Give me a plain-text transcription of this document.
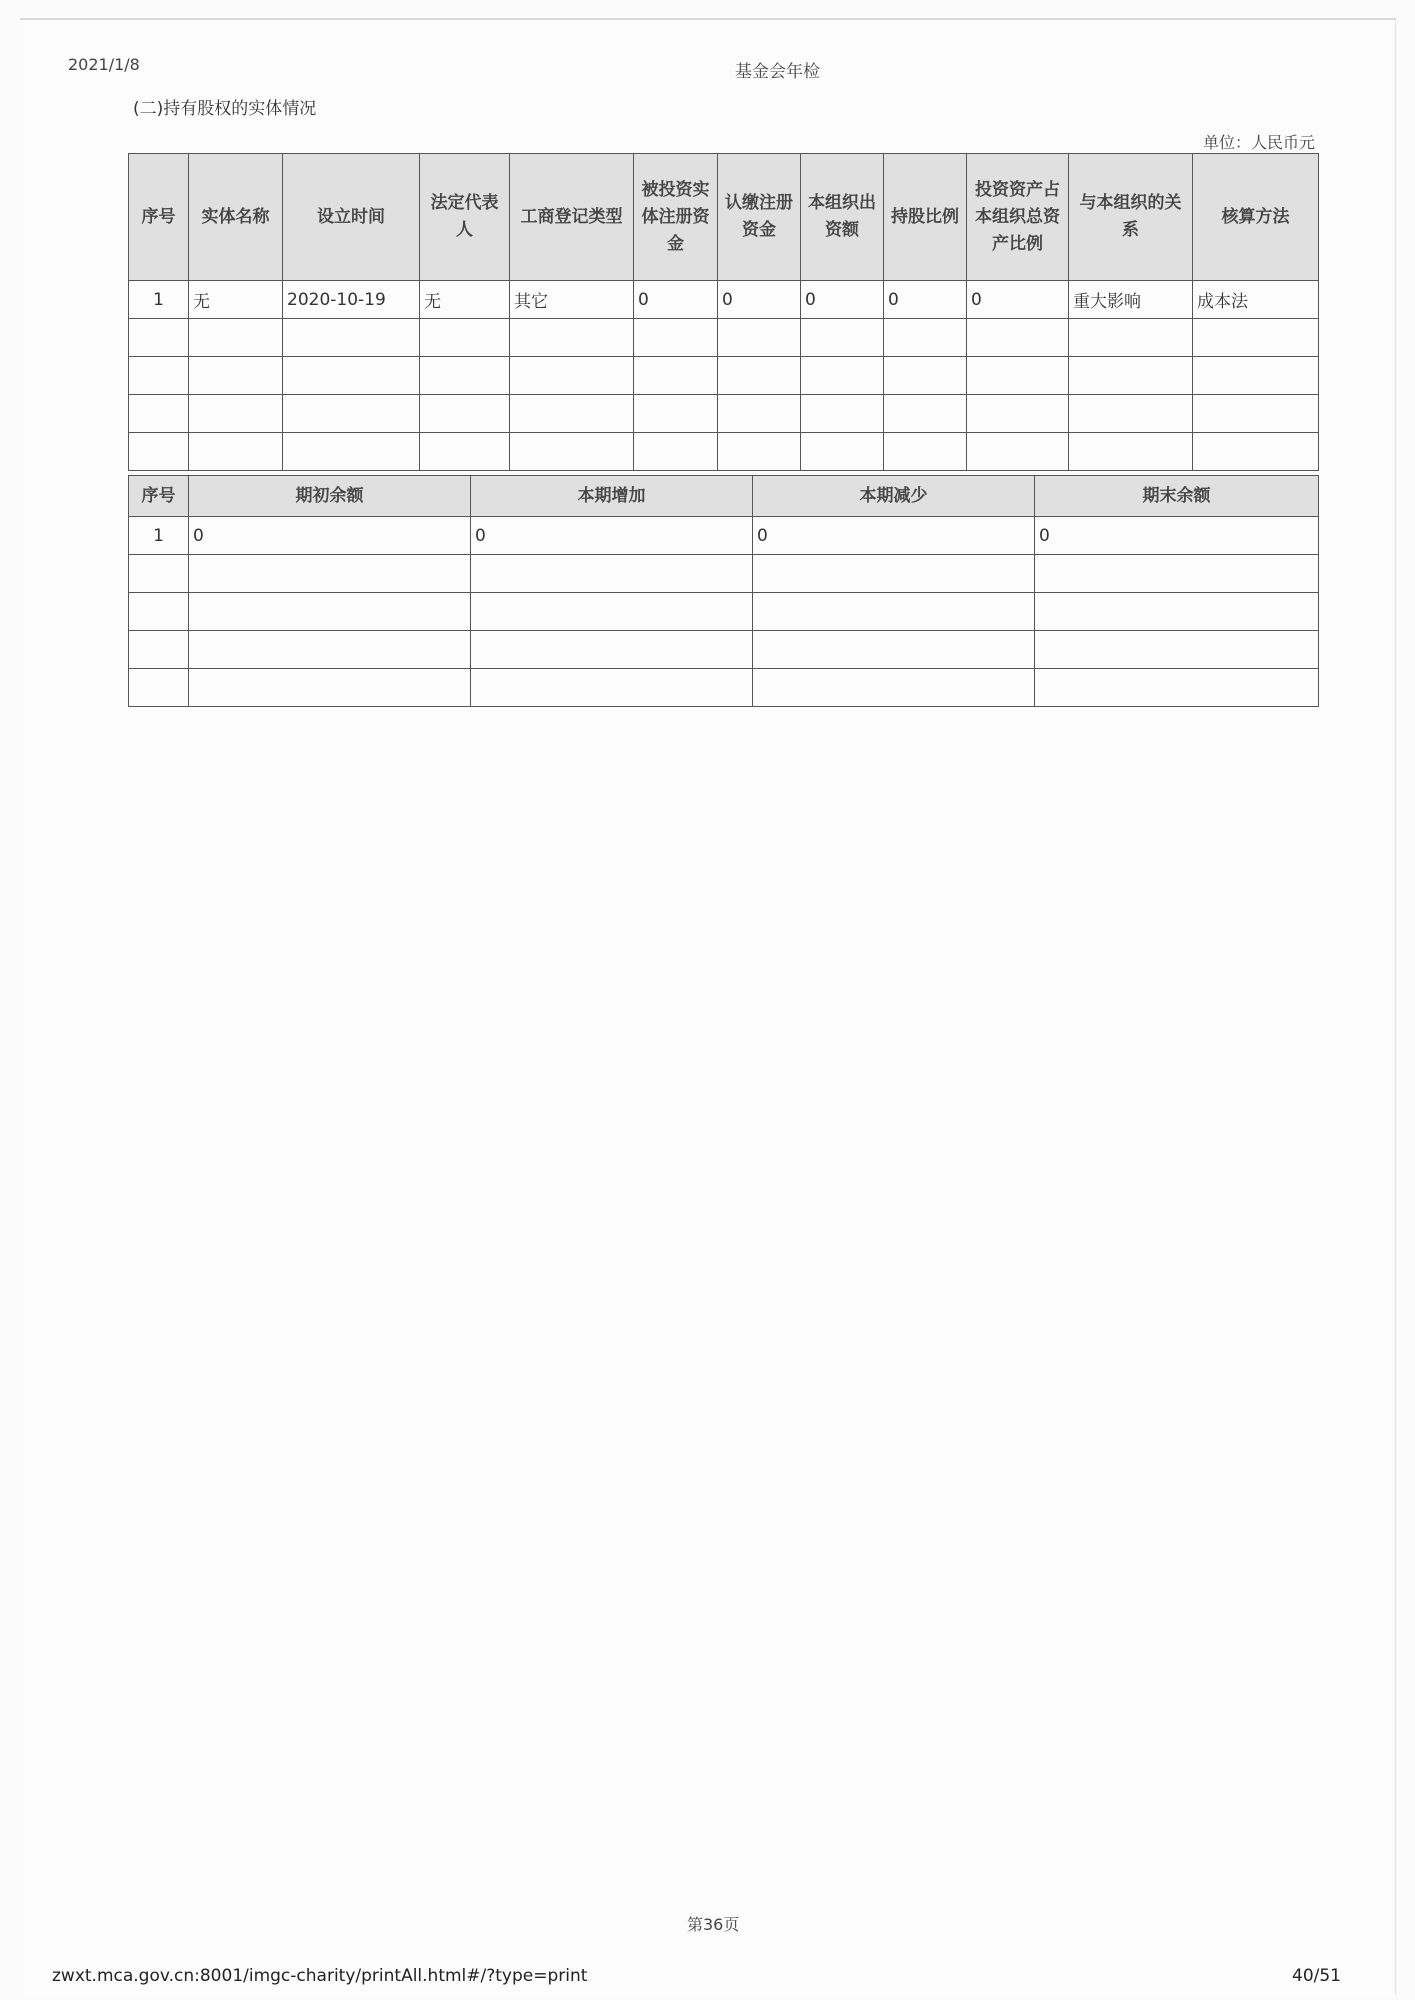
2021/1/8	基金会年检
(二)持有股权的实体情况
单位：人民币元
序号	实体名称	设立时间	法定代表人	工商登记类型	被投资实体注册资金	认缴注册资金	本组织出资额	持股比例	投资资产占本组织总资产比例	与本组织的关系	核算方法
1	无	2020-10-19	无	其它	0	0	0	0	0	重大影响	成本法

序号	期初余额	本期增加	本期减少	期末余额
1	0	0	0	0

第36页
zwxt.mca.gov.cn:8001/imgc-charity/printAll.html#/?type=print	40/51
